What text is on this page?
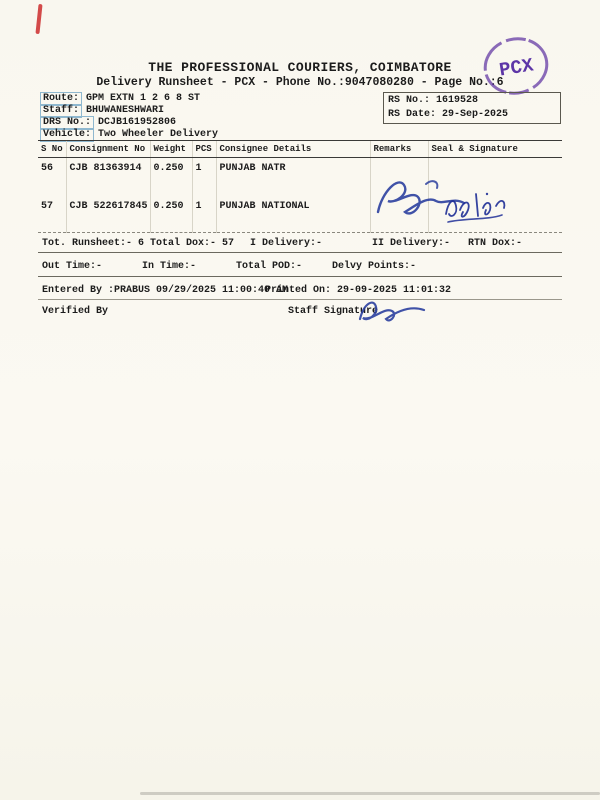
THE PROFESSIONAL COURIERS, COIMBATORE
Delivery Runsheet - PCX - Phone No.:9047080280 - Page No.:6
PCX
Route: GPM EXTN 1 2 6 8 ST
Staff: BHUWANESHWARI
DRS No.: DCJB161952806
Vehicle: Two Wheeler Delivery
RS No.: 1619528
RS Date: 29-Sep-2025
S No	Consignment No	Weight	PCS	Consignee Details	Remarks	Seal & Signature
56	CJB 81363914	0.250	1	PUNJAB NATR		
57	CJB 522617845	0.250	1	PUNJAB NATIONAL		
Tot. Runsheet:- 6 Total Dox:- 57 I Delivery:-	II Delivery:- RTN Dox:-
Out Time:-	In Time:-	Total POD:-	Delvy Points:-
Entered By :PRABUS 09/29/2025 11:00:40 AM
Printed On: 29-09-2025 11:01:32
Verified By	Staff Signature
